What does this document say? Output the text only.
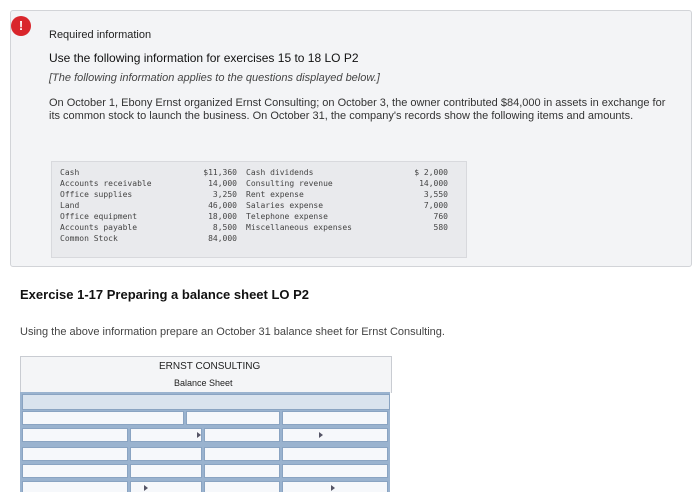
!
Required information
Use the following information for exercises 15 to 18 LO P2
[The following information applies to the questions displayed below.]
On October 1, Ebony Ernst organized Ernst Consulting; on October 3, the owner contributed $84,000 in assets in exchange for its common stock to launch the business. On October 31, the company's records show the following items and amounts.
Cash
Accounts receivable
Office supplies
Land
Office equipment
Accounts payable
Common Stock
$11,360
14,000
3,250
46,000
18,000
8,500
84,000
Cash dividends
Consulting revenue
Rent expense
Salaries expense
Telephone expense
Miscellaneous expenses
$ 2,000
14,000
3,550
7,000
760
580
Exercise 1-17 Preparing a balance sheet LO P2
Using the above information prepare an October 31 balance sheet for Ernst Consulting.
ERNST CONSULTING
Balance Sheet
